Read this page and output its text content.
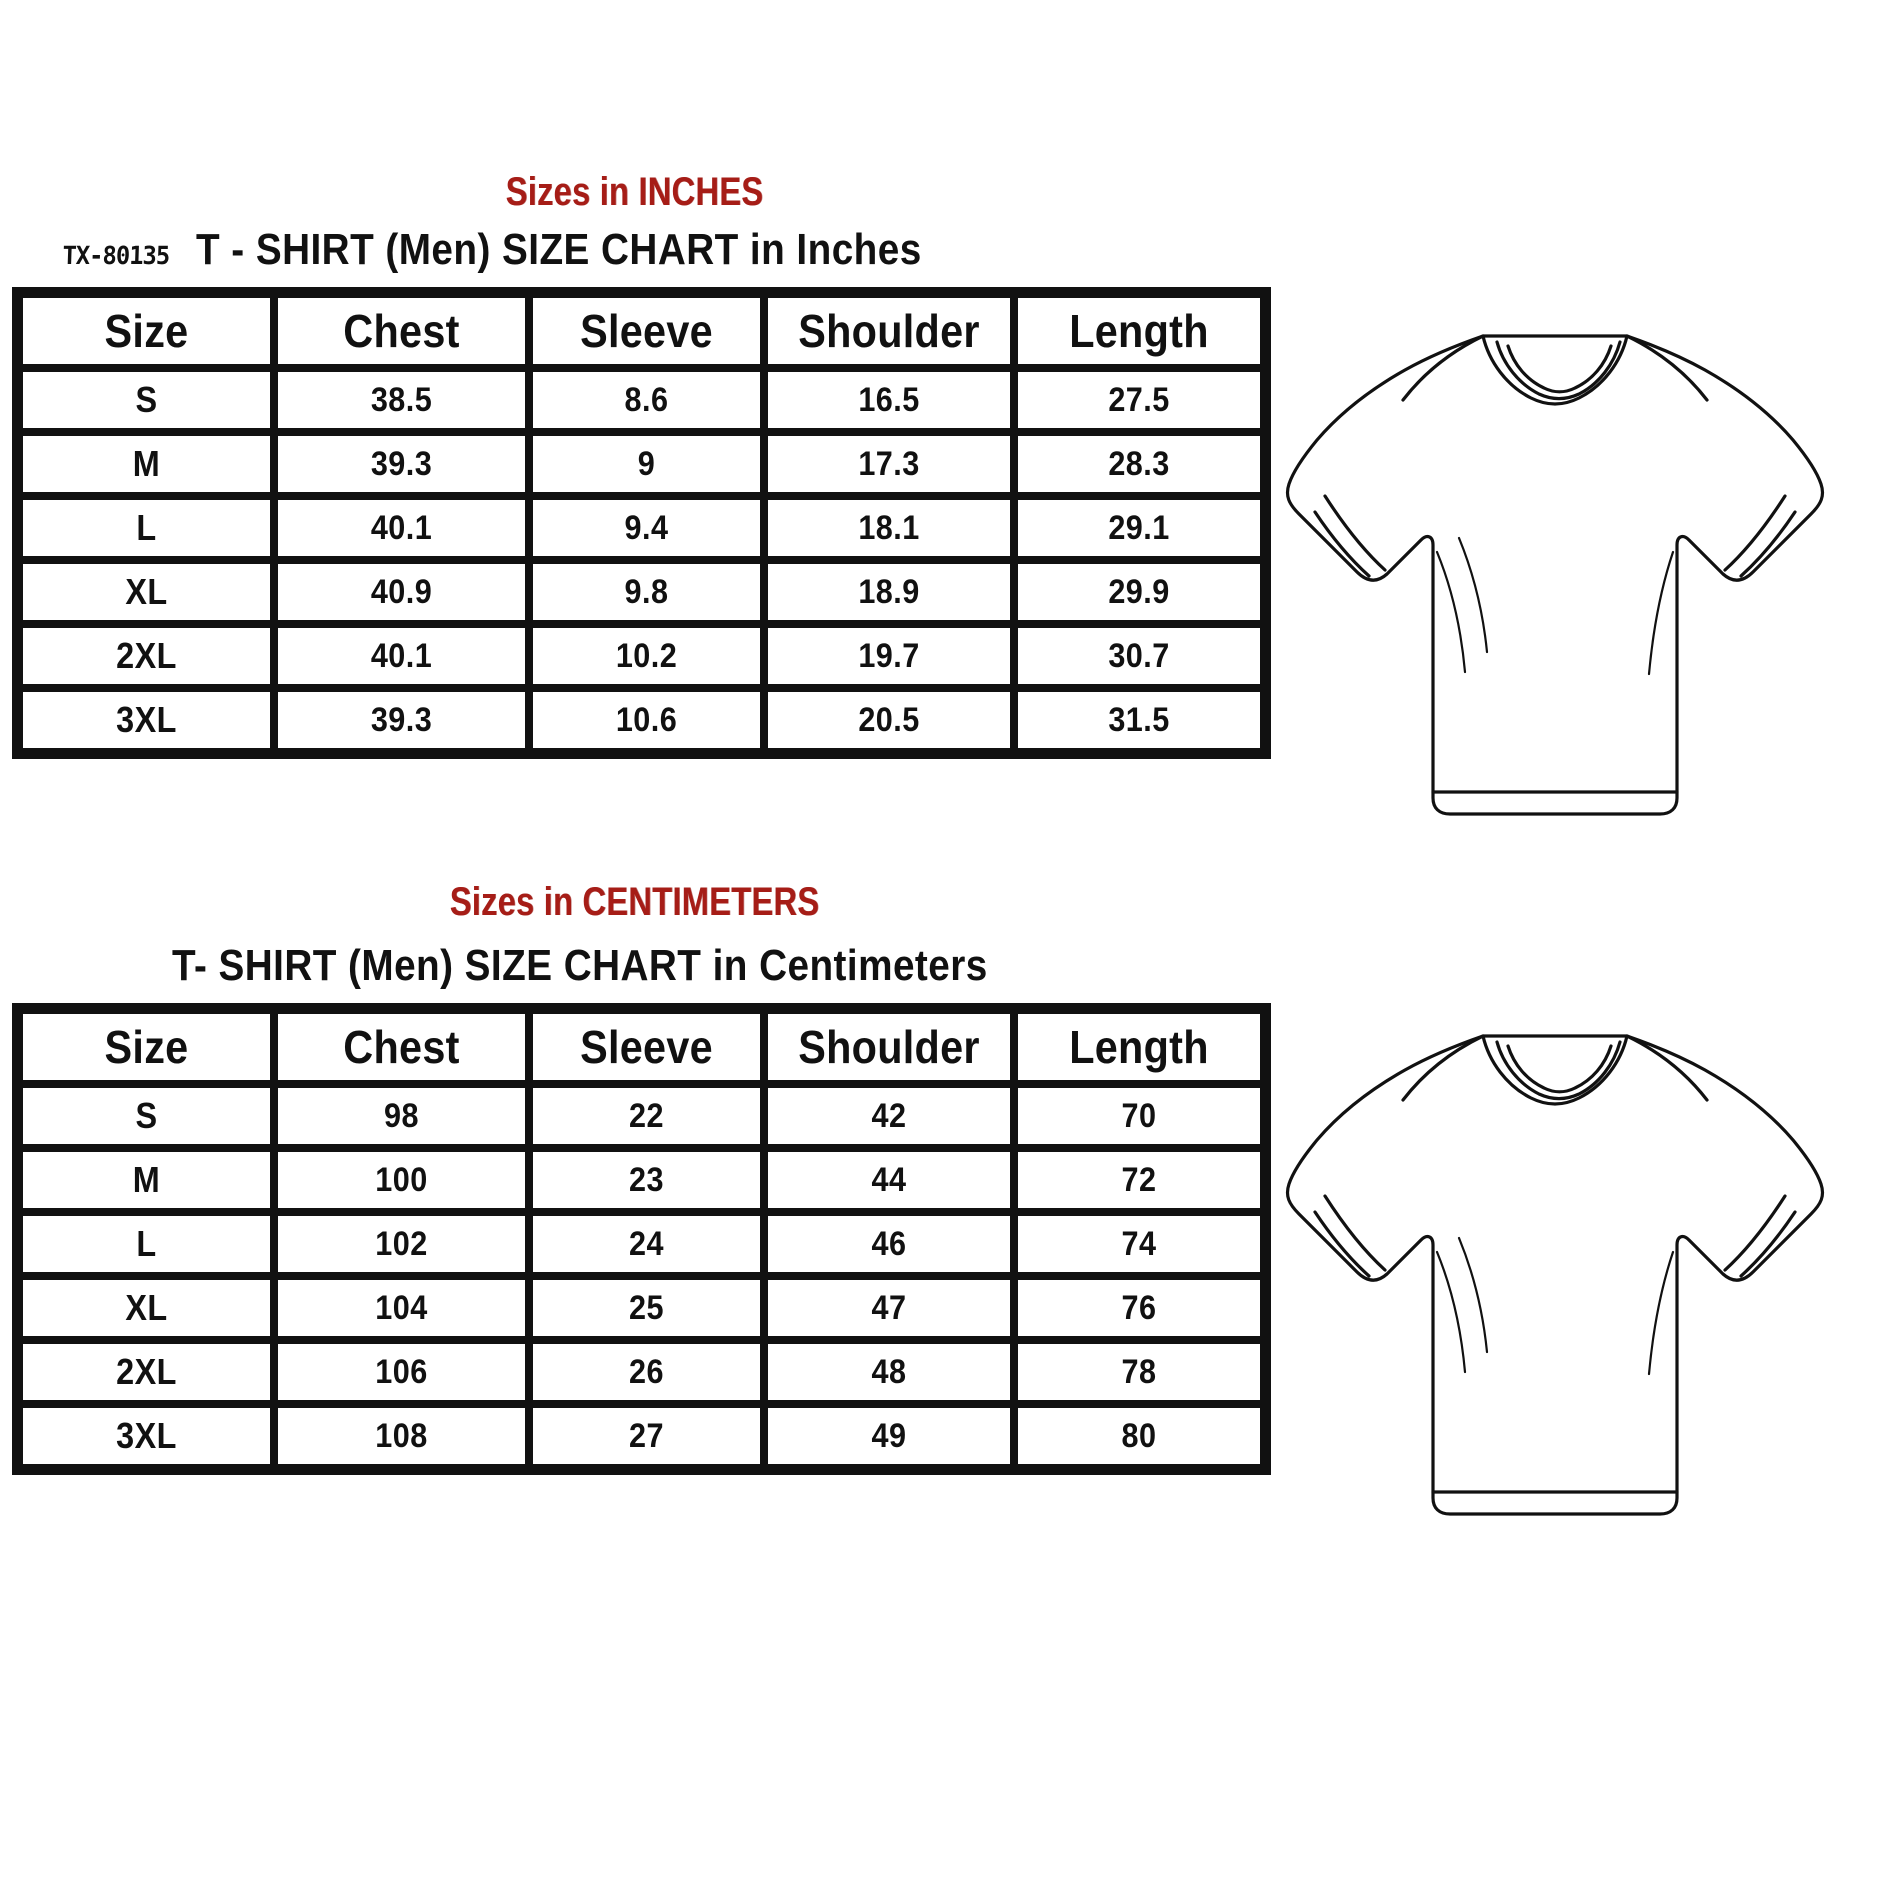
Sizes in INCHES
TX-80135 T - SHIRT (Men) SIZE CHART in Inches
Size	Chest	Sleeve	Shoulder	Length

S	38.5	8.6	16.5	27.5

M	39.3	9	17.3	28.3

L	40.1	9.4	18.1	29.1

XL	40.9	9.8	18.9	29.9

2XL	40.1	10.2	19.7	30.7

3XL	39.3	10.6	20.5	31.5
Sizes in CENTIMETERS
T- SHIRT (Men) SIZE CHART in Centimeters
Size	Chest	Sleeve	Shoulder	Length

S	98	22	42	70

M	100	23	44	72

L	102	24	46	74

XL	104	25	47	76

2XL	106	26	48	78

3XL	108	27	49	80
